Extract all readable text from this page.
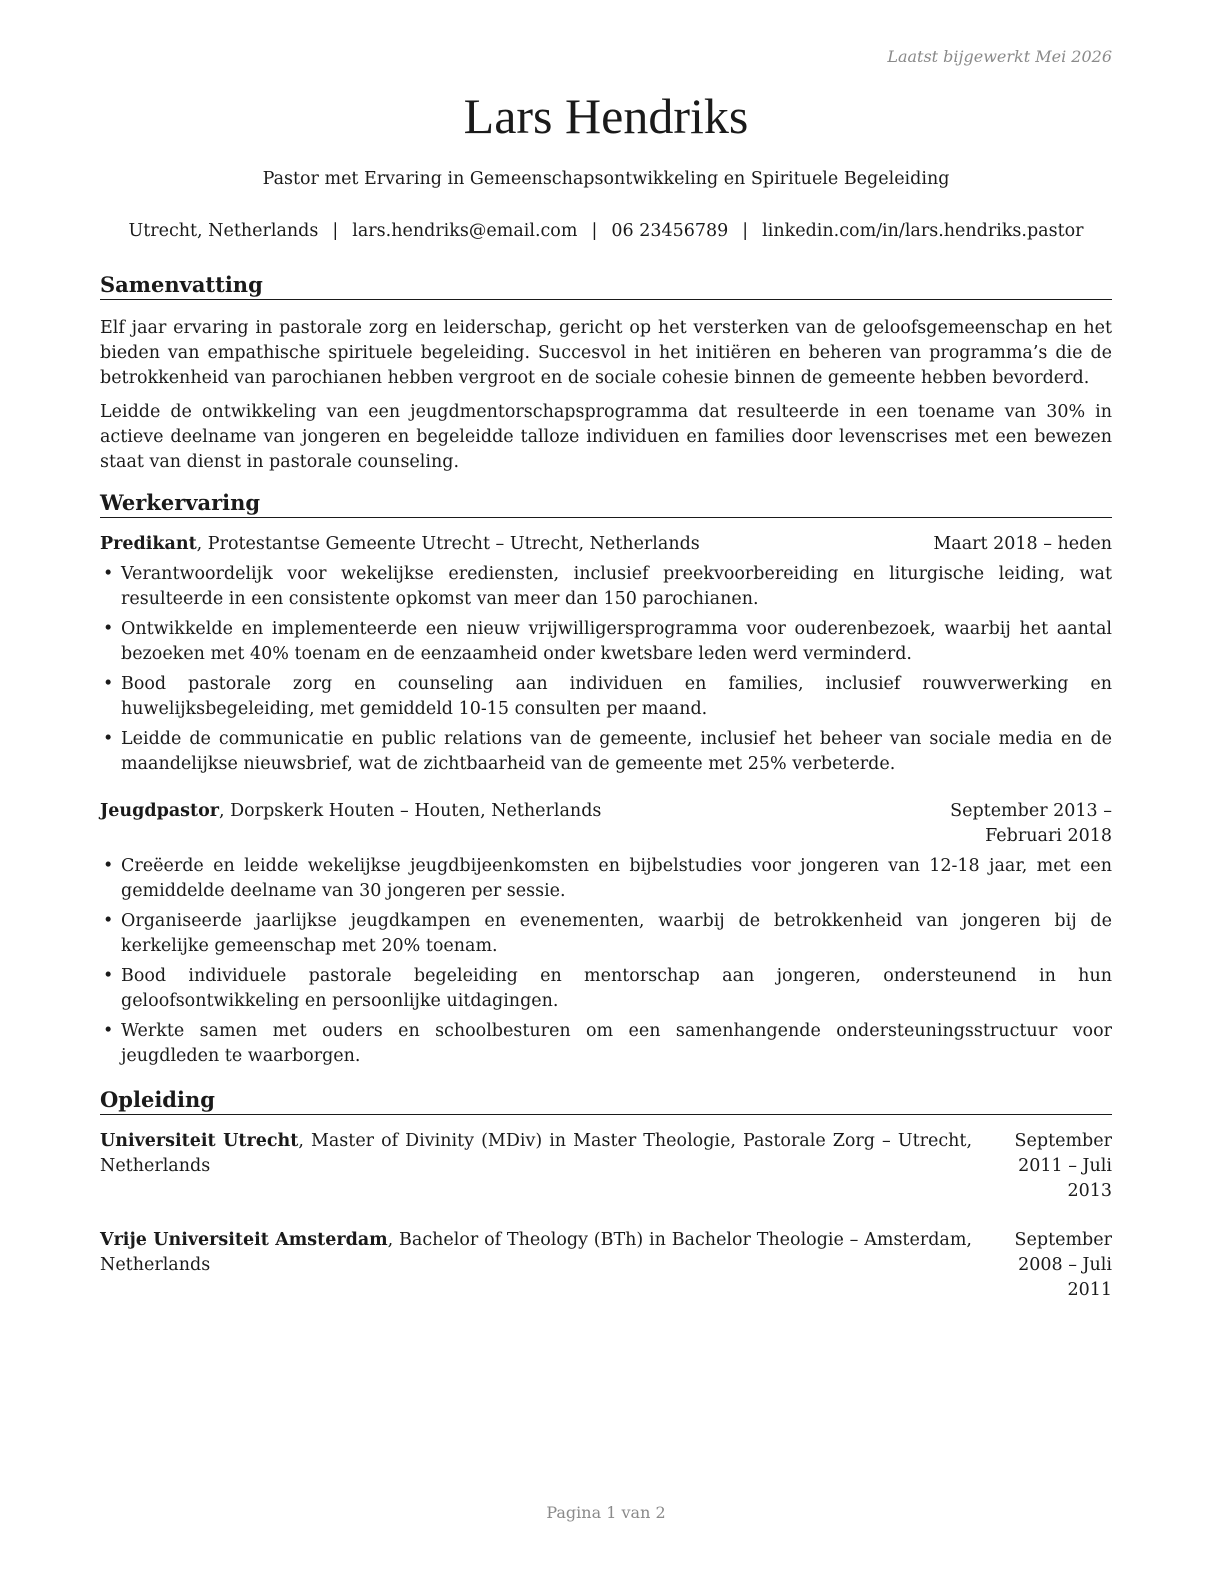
Laatst bijgewerkt Mei 2026
Lars Hendriks
Pastor met Ervaring in Gemeenschapsontwikkeling en Spirituele Begeleiding
Utrecht, Netherlands | lars.hendriks@email.com | 06 23456789 | linkedin.com/in/lars.hendriks.pastor
Samenvatting

Elf jaar ervaring in pastorale zorg en leiderschap, gericht op het versterken van de geloofsgemeenschap en het bieden van empathische spirituele begeleiding. Succesvol in het initiëren en beheren van programma’s die de betrokkenheid van parochianen hebben vergroot en de sociale cohesie binnen de gemeente hebben bevorderd.

Leidde de ontwikkeling van een jeugdmentorschapsprogramma dat resulteerde in een toename van 30% in actieve deelname van jongeren en begeleidde talloze individuen en families door levenscrises met een bewezen staat van dienst in pastorale counseling.

Werkervaring
Predikant, Protestantse Gemeente Utrecht – Utrecht, Netherlands	Maart 2018 – heden
• Verantwoordelijk voor wekelijkse erediensten, inclusief preekvoorbereiding en liturgische leiding, wat resulteerde in een consistente opkomst van meer dan 150 parochianen.
• Ontwikkelde en implementeerde een nieuw vrijwilligersprogramma voor ouderenbezoek, waarbij het aantal bezoeken met 40% toenam en de eenzaamheid onder kwetsbare leden werd verminderd.
• Bood pastorale zorg en counseling aan individuen en families, inclusief rouwverwerking en huwelijksbegeleiding, met gemiddeld 10-15 consulten per maand.
• Leidde de communicatie en public relations van de gemeente, inclusief het beheer van sociale media en de maandelijkse nieuwsbrief, wat de zichtbaarheid van de gemeente met 25% verbeterde.
Jeugdpastor, Dorpskerk Houten – Houten, Netherlands	September 2013 – Februari 2018
• Creëerde en leidde wekelijkse jeugdbijeenkomsten en bijbelstudies voor jongeren van 12-18 jaar, met een gemiddelde deelname van 30 jongeren per sessie.
• Organiseerde jaarlijkse jeugdkampen en evenementen, waarbij de betrokkenheid van jongeren bij de kerkelijke gemeenschap met 20% toenam.
• Bood individuele pastorale begeleiding en mentorschap aan jongeren, ondersteunend in hun geloofsontwikkeling en persoonlijke uitdagingen.
• Werkte samen met ouders en schoolbesturen om een samenhangende ondersteuningsstructuur voor jeugdleden te waarborgen.
Opleiding
Universiteit Utrecht, Master of Divinity (MDiv) in Master Theologie, Pastorale Zorg – Utrecht, Netherlands
September 2011 – Juli 2013
Vrije Universiteit Amsterdam, Bachelor of Theology (BTh) in Bachelor Theologie – Amsterdam, Netherlands
September 2008 – Juli 2011
Pagina 1 van 2
